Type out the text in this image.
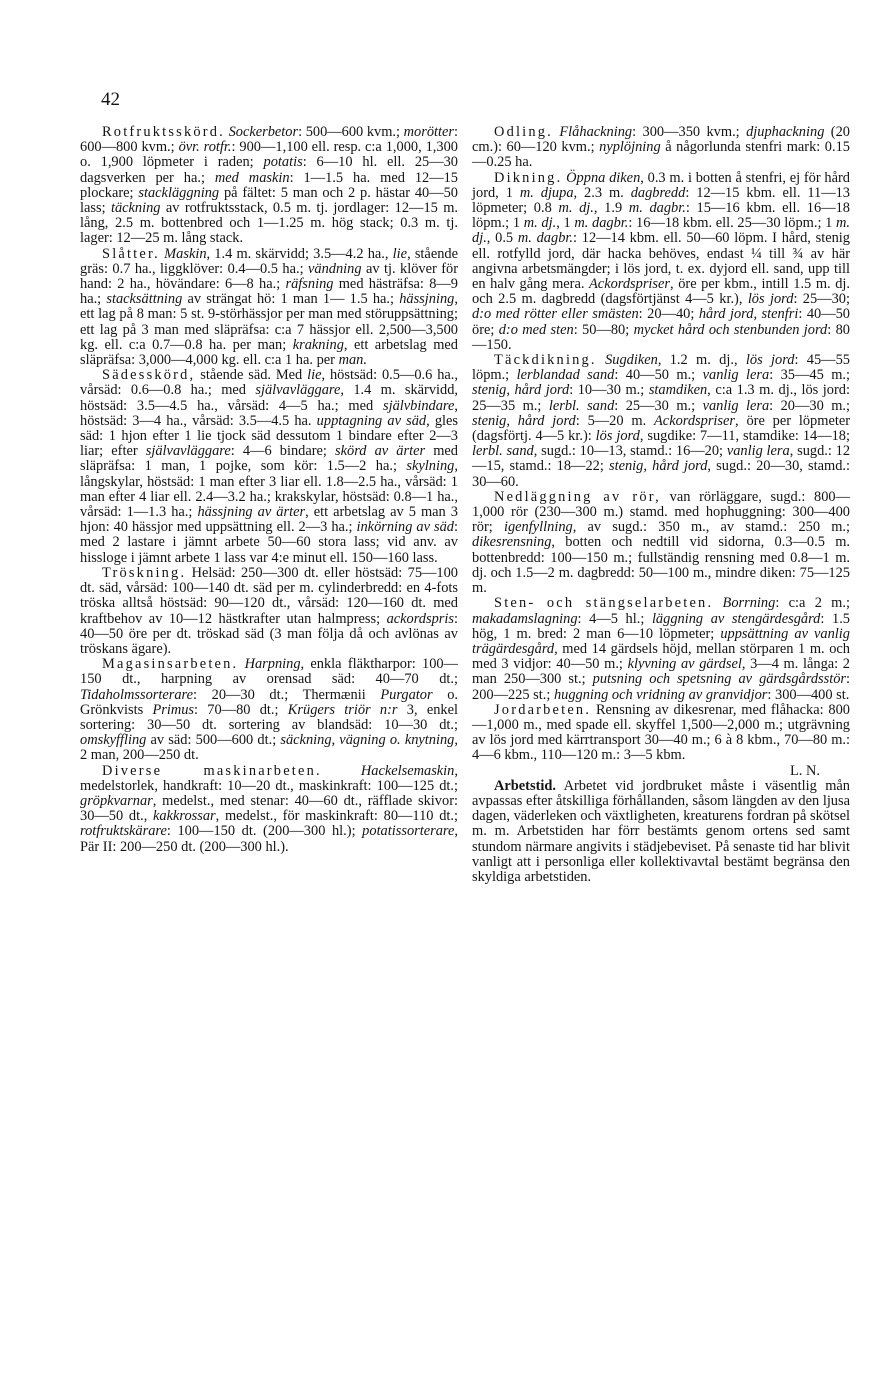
42

Rotfruktsskörd. Sockerbetor: 500—600 kvm.; morötter: 600—800 kvm.; övr. rotfr.: 900—1,100 ell. resp. c:a 1,000, 1,300 o. 1,900 löpmeter i raden; potatis: 6—10 hl. ell. 25—30 dagsverken per ha.; med maskin: 1—1.5 ha. med 12—15 plockare; stackläggning på fältet: 5 man och 2 p. hästar 40—50 lass; täckning av rotfruktsstack, 0.5 m. tj. jordlager: 12—15 m. lång, 2.5 m. bottenbred och 1—1.25 m. hög stack; 0.3 m. tj. lager: 12—25 m. lång stack.

Slåtter. Maskin, 1.4 m. skärvidd; 3.5—4.2 ha., lie, stående gräs: 0.7 ha., liggklöver: 0.4—0.5 ha.; vändning av tj. klöver för hand: 2 ha., hövändare: 6—8 ha.; räfsning med hästräfsa: 8—9 ha.; stacksättning av strängat hö: 1 man 1— 1.5 ha.; hässjning, ett lag på 8 man: 5 st. 9-störhässjor per man med störuppsättning; ett lag på 3 man med släpräfsa: c:a 7 hässjor ell. 2,500—3,500 kg. ell. c:a 0.7—0.8 ha. per man; krakning, ett arbetslag med släpräfsa: 3,000—4,000 kg. ell. c:a 1 ha. per man.

Sädesskörd, stående säd. Med lie, höstsäd: 0.5—0.6 ha., vårsäd: 0.6—0.8 ha.; med självavläggare, 1.4 m. skärvidd, höstsäd: 3.5—4.5 ha., vårsäd: 4—5 ha.; med självbindare, höstsäd: 3—4 ha., vårsäd: 3.5—4.5 ha. upptagning av säd, gles säd: 1 hjon efter 1 lie tjock säd dessutom 1 bindare efter 2—3 liar; efter självavläggare: 4—6 bindare; skörd av ärter med släpräfsa: 1 man, 1 pojke, som kör: 1.5—2 ha.; skylning, långskylar, höstsäd: 1 man efter 3 liar ell. 1.8—2.5 ha., vårsäd: 1 man efter 4 liar ell. 2.4—3.2 ha.; krakskylar, höstsäd: 0.8—1 ha., vårsäd: 1—1.3 ha.; hässjning av ärter, ett arbetslag av 5 man 3 hjon: 40 hässjor med uppsättning ell. 2—3 ha.; inkörning av säd: med 2 lastare i jämnt arbete 50—60 stora lass; vid anv. av hissloge i jämnt arbete 1 lass var 4:e minut ell. 150—160 lass.

Tröskning. Helsäd: 250—300 dt. eller höstsäd: 75—100 dt. säd, vårsäd: 100—140 dt. säd per m. cylinderbredd: en 4-fots tröska alltså höstsäd: 90—120 dt., vårsäd: 120—160 dt. med kraftbehov av 10—12 hästkrafter utan halmpress; ackordspris: 40—50 öre per dt. tröskad säd (3 man följa då och avlönas av tröskans ägare).

Magasinsarbeten. Harpning, enkla fläktharpor: 100—150 dt., harpning av orensad säd: 40—70 dt.; Tidaholmssorterare: 20—30 dt.; Thermænii Purgator o. Grönkvists Primus: 70—80 dt.; Krügers triör n:r 3, enkel sortering: 30—50 dt. sortering av blandsäd: 10—30 dt.; omskyffling av säd: 500—600 dt.; säckning, vägning o. knytning, 2 man, 200—250 dt.

Diverse maskinarbeten.	Hackelsemaskin, medelstorlek, handkraft: 10—20 dt., maskinkraft: 100—125 dt.; gröpkvarnar, medelst., med stenar: 40—60 dt., räfflade skivor: 30—50 dt., kakkrossar, medelst., för maskinkraft: 80—110 dt.; rotfruktskärare: 100—150 dt. (200—300 hl.); potatissorterare, Pär II: 200—250 dt. (200—300 hl.).

Odling. Flåhackning: 300—350 kvm.; djuphackning (20 cm.): 60—120 kvm.; nyplöjning å någorlunda stenfri mark: 0.15—0.25 ha.

Dikning. Öppna diken, 0.3 m. i botten å stenfri, ej för hård jord, 1 m. djupa, 2.3 m. dagbredd: 12—15 kbm. ell. 11—13 löpmeter; 0.8 m. dj., 1.9 m. dagbr.: 15—16 kbm. ell. 16—18 löpm.; 1 m. dj., 1 m. dagbr.: 16—18 kbm. ell. 25—30 löpm.; 1 m. dj., 0.5 m. dagbr.: 12—14 kbm. ell. 50—60 löpm. I hård, stenig ell. rotfylld jord, där hacka behöves, endast ¼ till ¾ av här angivna arbetsmängder; i lös jord, t. ex. dyjord ell. sand, upp till en halv gång mera. Ackordspriser, öre per kbm., intill 1.5 m. dj. och 2.5 m. dagbredd (dagsförtjänst 4—5 kr.), lös jord: 25—30; d:o med rötter eller smästen: 20—40; hård jord, stenfri: 40—50 öre; d:o med sten: 50—80; mycket hård och stenbunden jord: 80—150.

Täckdikning. Sugdiken, 1.2 m. dj., lös jord: 45—55 löpm.; lerblandad sand: 40—50 m.; vanlig lera: 35—45 m.; stenig, hård jord: 10—30 m.; stamdiken, c:a 1.3 m. dj., lös jord: 25—35 m.; lerbl. sand: 25—30 m.; vanlig lera: 20—30 m.; stenig, hård jord: 5—20 m. Ackordspriser, öre per löpmeter (dagsförtj. 4—5 kr.): lös jord, sugdike: 7—11, stamdike: 14—18; lerbl. sand, sugd.: 10—13, stamd.: 16—20; vanlig lera, sugd.: 12—15, stamd.: 18—22; stenig, hård jord, sugd.: 20—30, stamd.: 30—60.

Nedläggning av rör, van rörläggare, sugd.: 800—1,000 rör (230—300 m.) stamd. med hophuggning: 300—400 rör; igenfyllning, av sugd.: 350 m., av stamd.: 250 m.; dikesrensning, botten och nedtill vid sidorna, 0.3—0.5 m. bottenbredd: 100—150 m.; fullständig rensning med 0.8—1 m. dj. och 1.5—2 m. dagbredd: 50—100 m., mindre diken: 75—125 m.

Sten- och stängselarbeten. Borrning: c:a 2 m.; makadamslagning: 4—5 hl.; läggning av stengärdesgård: 1.5 hög, 1 m. bred: 2 man 6—10 löpmeter; uppsättning av vanlig trägärdesgård, med 14 gärdsels höjd, mellan störparen 1 m. och med 3 vidjor: 40—50 m.; klyvning av gärdsel, 3—4 m. långa: 2 man 250—300 st.; putsning och spetsning av gärdsgårdsstör: 200—225 st.; huggning och vridning av granvidjor: 300—400 st.

Jordarbeten. Rensning av dikesrenar, med flåhacka: 800—1,000 m., med spade ell. skyffel 1,500—2,000 m.; utgrävning av lös jord med kärrtransport 30—40 m.; 6 à 8 kbm., 70—80 m.: 4—6 kbm., 110—120 m.: 3—5 kbm.

L. N.

Arbetstid. Arbetet vid jordbruket måste i väsentlig mån avpassas efter åtskilliga förhållanden, såsom längden av den ljusa dagen, väderleken och växtligheten, kreaturens fordran på skötsel m. m. Arbetstiden har förr bestämts genom ortens sed samt stundom närmare angivits i städjebeviset. På senaste tid har blivit vanligt att i personliga eller kollektivavtal bestämt begränsa den skyldiga arbetstiden.
